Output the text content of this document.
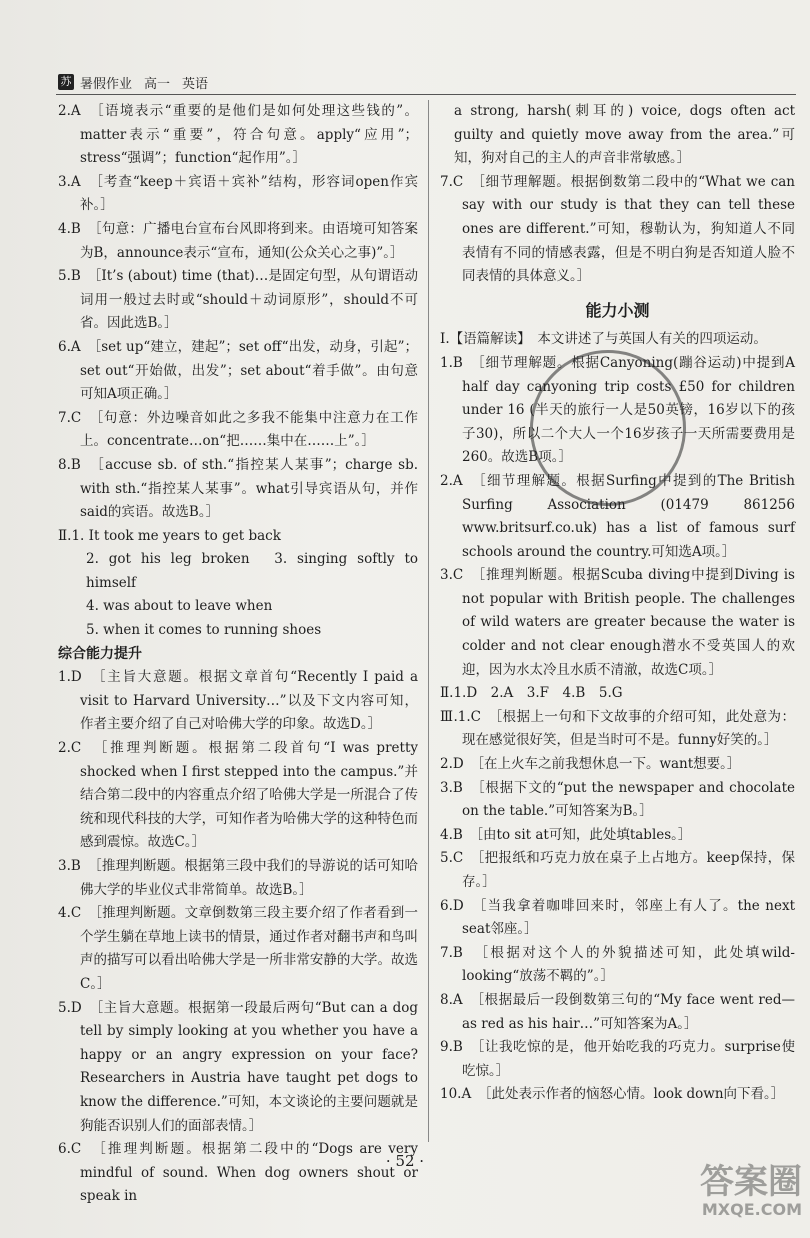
苏 暑假作业 高一 英语

2.A　［语境表示“重要的是他们是如何处理这些钱的”。matter表示“重要”，符合句意。apply“应用”；stress“强调”；function“起作用”。］

3.A　［考查“keep＋宾语＋宾补”结构，形容词open作宾补。］

4.B　［句意：广播电台宣布台风即将到来。由语境可知答案为B，announce表示“宣布，通知(公众关心之事)”。］

5.B　［It’s (about) time (that)…是固定句型，从句谓语动词用一般过去时或“should＋动词原形”，should不可省。因此选B。］

6.A　［set up“建立，建起”；set off“出发，动身，引起”；set out“开始做，出发”；set about“着手做”。由句意可知A项正确。］

7.C　［句意：外边噪音如此之多我不能集中注意力在工作上。concentrate…on“把……集中在……上”。］

8.B　［accuse sb. of sth.“指控某人某事”；charge sb. with sth.“指控某人某事”。what引导宾语从句，并作said的宾语。故选B。］

Ⅱ.1. It took me years to get back

2. got his leg broken　3. singing softly to himself

4. was about to leave when

5. when it comes to running shoes

综合能力提升

1.D　［主旨大意题。根据文章首句“Recently I paid a visit to Harvard University…”以及下文内容可知，作者主要介绍了自己对哈佛大学的印象。故选D。］

2.C　［推理判断题。根据第二段首句“I was pretty shocked when I first stepped into the campus.”并结合第二段中的内容重点介绍了哈佛大学是一所混合了传统和现代科技的大学，可知作者为哈佛大学的这种特色而感到震惊。故选C。］

3.B　［推理判断题。根据第三段中我们的导游说的话可知哈佛大学的毕业仪式非常简单。故选B。］

4.C　［推理判断题。文章倒数第三段主要介绍了作者看到一个学生躺在草地上读书的情景，通过作者对翻书声和鸟叫声的描写可以看出哈佛大学是一所非常安静的大学。故选C。］

5.D　［主旨大意题。根据第一段最后两句“But can a dog tell by simply looking at you whether you have a happy or an angry expression on your face? Researchers in Austria have taught pet dogs to know the difference.”可知，本文谈论的主要问题就是狗能否识别人们的面部表情。］

6.C　［推理判断题。根据第二段中的“Dogs are very mindful of sound. When dog owners shout or speak in

a strong, harsh(刺耳的) voice, dogs often act guilty and quietly move away from the area.”可知，狗对自己的主人的声音非常敏感。］

7.C　［细节理解题。根据倒数第二段中的“What we can say with our study is that they can tell these ones are different.”可知，穆勒认为，狗知道人不同表情有不同的情感表露，但是不明白狗是否知道人脸不同表情的具体意义。］

能力小测

Ⅰ.【语篇解读】　本文讲述了与英国人有关的四项运动。

1.B　［细节理解题。根据Canyoning(蹦谷运动)中提到A half day canyoning trip costs £50 for children under 16 (半天的旅行一人是50英镑，16岁以下的孩子30)，所以二个大人一个16岁孩子一天所需要费用是260。故选B项。］

2.A　［细节理解题。根据Surfing中提到的The British Surfing Association (01479 861256 www.britsurf.co.uk) has a list of famous surf schools around the country.可知选A项。］

3.C　［推理判断题。根据Scuba diving中提到Diving is not popular with British people. The challenges of wild waters are greater because the water is colder and not clear enough潜水不受英国人的欢迎，因为水太冷且水质不清澈，故选C项。］

Ⅱ.1.D　2.A　3.F　4.B　5.G

Ⅲ.1.C　［根据上一句和下文故事的介绍可知，此处意为：现在感觉很好笑，但是当时可不是。funny好笑的。］

2.D　［在上火车之前我想休息一下。want想要。］

3.B　［根据下文的“put the newspaper and chocolate on the table.”可知答案为B。］

4.B　［由to sit at可知，此处填tables。］

5.C　［把报纸和巧克力放在桌子上占地方。keep保持，保存。］

6.D　［当我拿着咖啡回来时，邻座上有人了。the next seat邻座。］

7.B　［根据对这个人的外貌描述可知，此处填wild-looking“放荡不羁的”。］

8.A　［根据最后一段倒数第三句的“My face went red—as red as his hair…”可知答案为A。］

9.B　［让我吃惊的是，他开始吃我的巧克力。surprise使吃惊。］

10.A　［此处表示作者的恼怒心情。look down向下看。］

· 52 ·
答案圈
MXQE.COM
